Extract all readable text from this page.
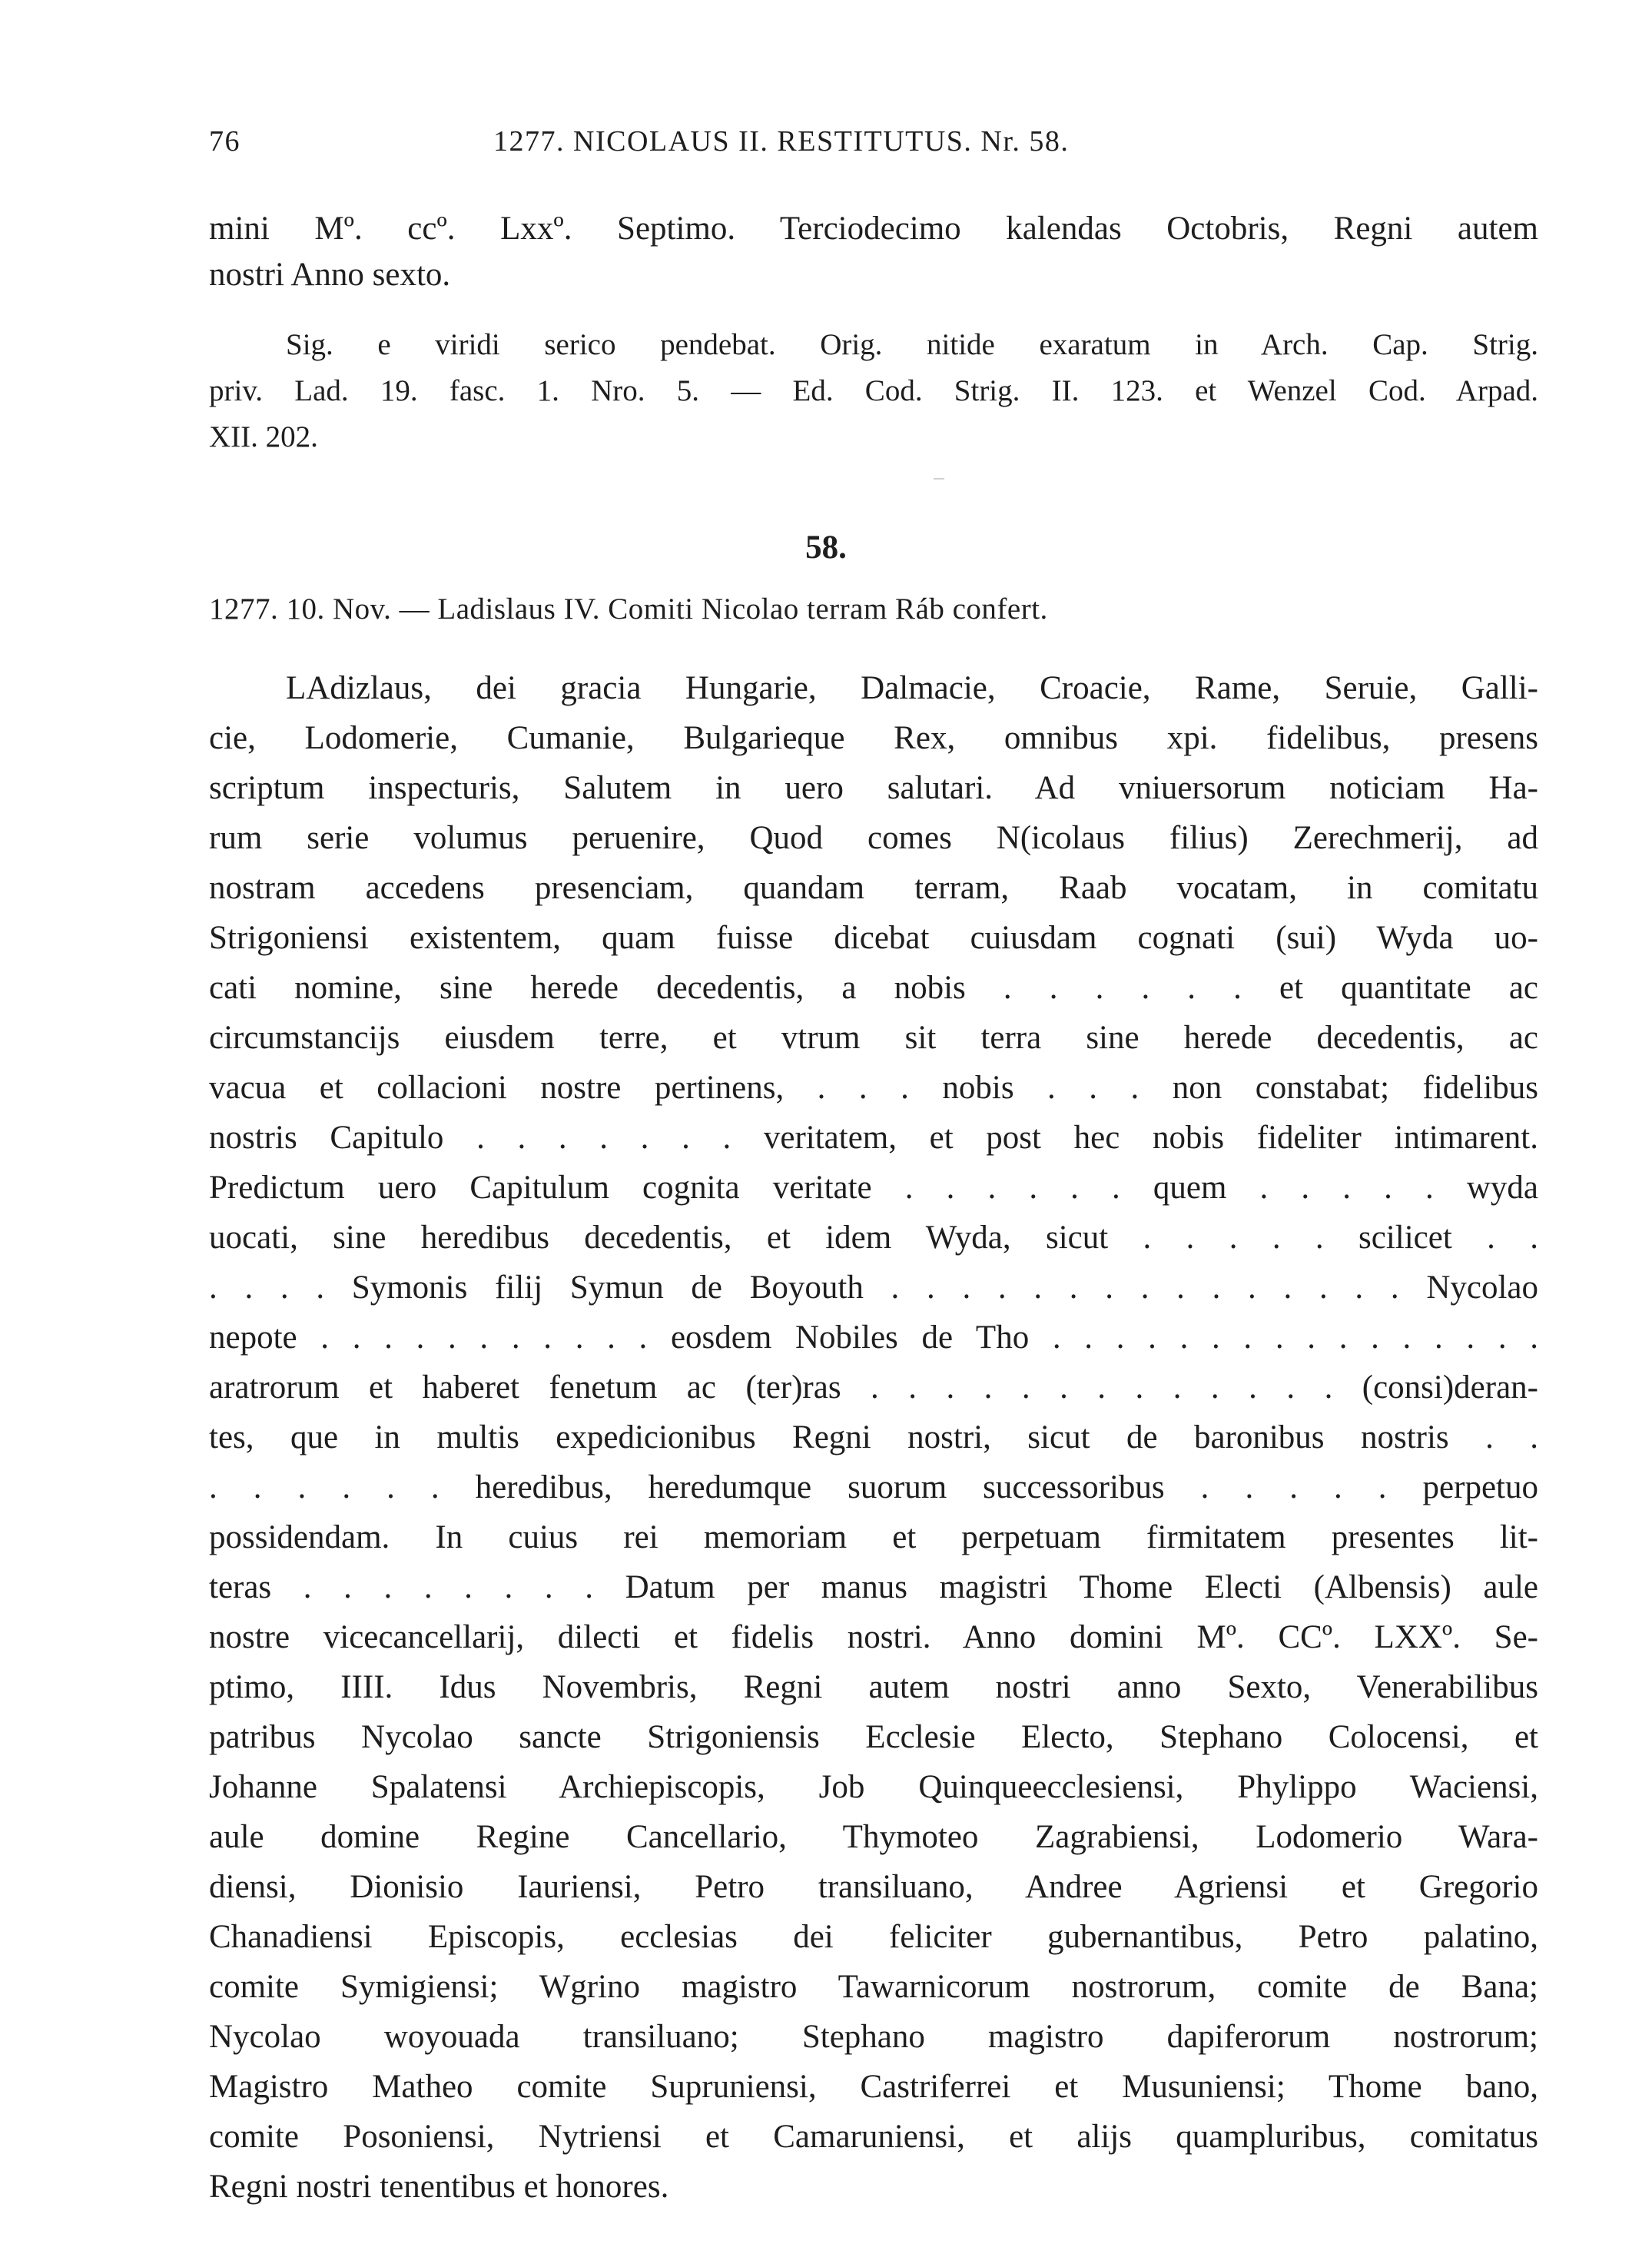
76	1277. NICOLAUS II. RESTITUTUS. Nr. 58.
mini Mº. ccº. Lxxº. Septimo. Terciodecimo kalendas Octobris, Regni autem
nostri Anno sexto.
Sig. e viridi serico pendebat. Orig. nitide exaratum in Arch. Cap. Strig.
priv. Lad. 19. fasc. 1. Nro. 5. — Ed. Cod. Strig. II. 123. et Wenzel Cod. Arpad.
XII. 202.
58.
1277. 10. Nov. — Ladislaus IV. Comiti Nicolao terram Ráb confert.
LAdizlaus, dei gracia Hungarie, Dalmacie, Croacie, Rame, Seruie, Galli-
cie, Lodomerie, Cumanie, Bulgarieque Rex, omnibus xpi. fidelibus, presens
scriptum inspecturis, Salutem in uero salutari. Ad vniuersorum noticiam Ha-
rum serie volumus peruenire, Quod comes N(icolaus filius) Zerechmerij, ad
nostram accedens presenciam, quandam terram, Raab vocatam, in comitatu
Strigoniensi existentem, quam fuisse dicebat cuiusdam cognati (sui) Wyda uo-
cati nomine, sine herede decedentis, a nobis . . . . . . et quantitate ac
circumstancijs eiusdem terre, et vtrum sit terra sine herede decedentis, ac
vacua et collacioni nostre pertinens, . . . nobis . . . non constabat; fidelibus
nostris Capitulo . . . . . . . veritatem, et post hec nobis fideliter intimarent.
Predictum uero Capitulum cognita veritate . . . . . . quem . . . . . wyda
uocati, sine heredibus decedentis, et idem Wyda, sicut . . . . . scilicet . .
. . . . Symonis filij Symun de Boyouth . . . . . . . . . . . . . . . Nycolao
nepote . . . . . . . . . . . eosdem Nobiles de Tho . . . . . . . . . . . . . . . .
aratrorum et haberet fenetum ac (ter)ras . . . . . . . . . . . . . (consi)deran-
tes, que in multis expedicionibus Regni nostri, sicut de baronibus nostris . .
. . . . . . heredibus, heredumque suorum successoribus . . . . . perpetuo
possidendam. In cuius rei memoriam et perpetuam firmitatem presentes lit-
teras . . . . . . . . Datum per manus magistri Thome Electi (Albensis) aule
nostre vicecancellarij, dilecti et fidelis nostri. Anno domini Mº. CCº. LXXº. Se-
ptimo, IIII. Idus Novembris, Regni autem nostri anno Sexto, Venerabilibus
patribus Nycolao sancte Strigoniensis Ecclesie Electo, Stephano Colocensi, et
Johanne Spalatensi Archiepiscopis, Job Quinqueecclesiensi, Phylippo Waciensi,
aule domine Regine Cancellario, Thymoteo Zagrabiensi, Lodomerio Wara-
diensi, Dionisio Iauriensi, Petro transiluano, Andree Agriensi et Gregorio
Chanadiensi Episcopis, ecclesias dei feliciter gubernantibus, Petro palatino,
comite Symigiensi; Wgrino magistro Tawarnicorum nostrorum, comite de Bana;
Nycolao woyouada transiluano; Stephano magistro dapiferorum nostrorum;
Magistro Matheo comite Supruniensi, Castriferrei et Musuniensi; Thome bano,
comite Posoniensi, Nytriensi et Camaruniensi, et alijs quampluribus, comitatus
Regni nostri tenentibus et honores.
